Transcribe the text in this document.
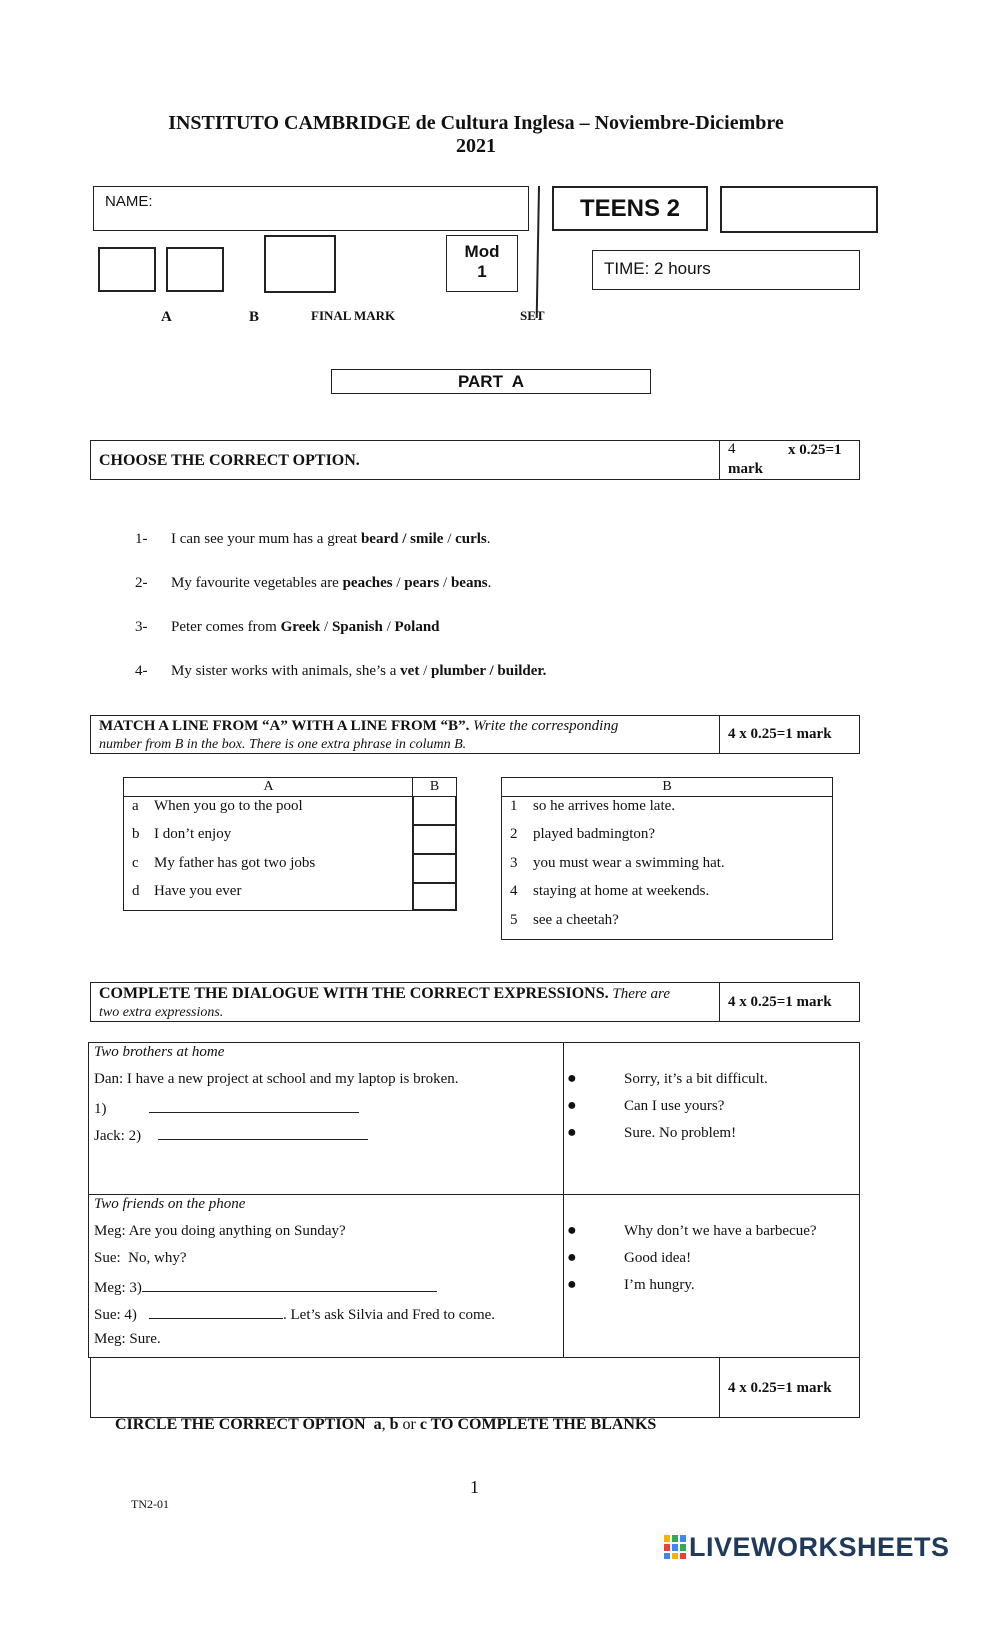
INSTITUTO CAMBRIDGE de Cultura Inglesa – Noviembre-Diciembre
2021
NAME:	TEENS 2
Mod
1	TIME: 2 hours
A	B	FINAL MARK	SET
PART  A
CHOOSE THE CORRECT OPTION.
4	x 0.25=1
mark
1- I can see your mum has a great beard / smile / curls.
2- My favourite vegetables are peaches / pears / beans.
3- Peter comes from Greek / Spanish / Poland
4- My sister works with animals, she’s a vet / plumber / builder.
MATCH A LINE FROM “A” WITH A LINE FROM “B”. Write the corresponding
number from B in the box. There is one extra phrase in column B.
4 x 0.25=1 mark
A	B
a When you go to the pool
b I don’t enjoy
c My father has got two jobs
d Have you ever
B
1 so he arrives home late.
2 played badmington?
3 you must wear a swimming hat.
4 staying at home at weekends.
5 see a cheetah?
COMPLETE THE DIALOGUE WITH THE CORRECT EXPRESSIONS. There are
two extra expressions.
4 x 0.25=1 mark
Two brothers at home
Dan: I have a new project at school and my laptop is broken.
1)
Jack: 2)
●	Sorry, it’s a bit difficult.
●	Can I use yours?
●	Sure. No problem!
Two friends on the phone
Meg: Are you doing anything on Sunday?
Sue:  No, why?
Meg: 3)
Sue: 4)	. Let’s ask Silvia and Fred to come.
Meg: Sure.
●	Why don’t we have a barbecue?
●	Good idea!
●	I’m hungry.

CIRCLE THE CORRECT OPTION  a, b or c TO COMPLETE THE BLANKS

4 x 0.25=1 mark
1
TN2-01
LIVEWORKSHEETS
